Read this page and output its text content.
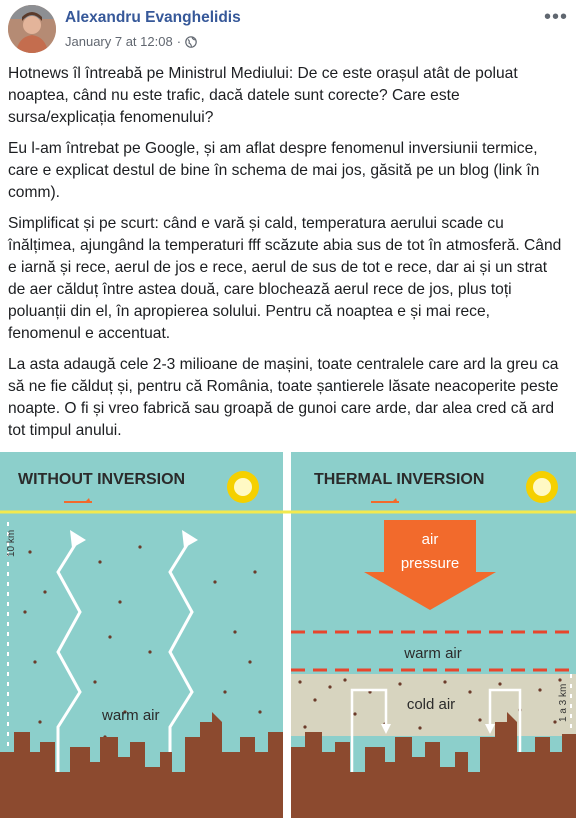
Alexandru Evanghelidis
January 7 at 12:08 ·
•••

Hotnews îl întreabă pe Ministrul Mediului: De ce este orașul atât de poluat noaptea, când nu este trafic, dacă datele sunt corecte? Care este sursa/explicația fenomenului?

Eu l-am întrebat pe Google, și am aflat despre fenomenul inversiunii termice, care e explicat destul de bine în schema de mai jos, găsită pe un blog (link în comm).

Simplificat și pe scurt: când e vară și cald, temperatura aerului scade cu înălțimea, ajungând la temperaturi fff scăzute abia sus de tot în atmosferă. Când e iarnă și rece, aerul de jos e rece, aerul de sus de tot e rece, dar ai și un strat de aer călduț între astea două, care blochează aerul rece de jos, plus toți poluanții din el, în apropierea solului. Pentru că noaptea e și mai rece, fenomenul e accentuat.

La asta adaugă cele 2-3 milioane de mașini, toate centralele care ard la greu ca să ne fie călduț și, pentru că România, toate șantierele lăsate neacoperite peste noapte. O fi și vreo fabrică sau groapă de gunoi care arde, dar alea cred că ard tot timpul anului.

WITHOUT INVERSION	THERMAL INVERSION
10 km
warm air
air
pressure
warm air
cold air	1 a 3 km
